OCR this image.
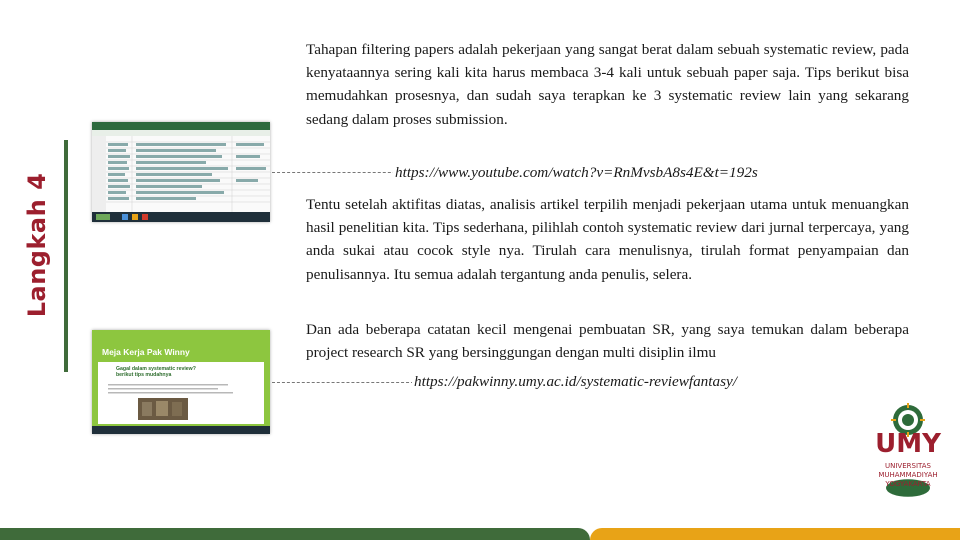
Langkah 4
Meja Kerja Pak Winny
Gagal dalam systematic review? berikut tips mudahnya

Tahapan filtering papers adalah pekerjaan yang sangat berat dalam sebuah systematic review, pada kenyataannya sering kali kita harus membaca 3-4 kali untuk sebuah paper saja. Tips berikut bisa memudahkan prosesnya, dan sudah saya terapkan ke 3 systematic review lain yang sekarang sedang dalam proses submission.

https://www.youtube.com/watch?v=RnMvsbA8s4E&t=192s

Tentu setelah aktifitas diatas, analisis artikel terpilih menjadi pekerjaan utama untuk menuangkan hasil penelitian kita. Tips sederhana, pilihlah contoh systematic review dari jurnal terpercaya, yang anda sukai atau cocok style nya. Tirulah cara menulisnya, tirulah format penyampaian dan penulisannya. Itu semua adalah tergantung anda penulis, selera.

Dan ada beberapa catatan kecil mengenai pembuatan SR, yang saya temukan dalam beberapa project research SR yang bersinggungan dengan multi disiplin ilmu

https://pakwinny.umy.ac.id/systematic-reviewfantasy/
UMY
UNIVERSITAS
MUHAMMADIYAH
YOGYAKARTA
